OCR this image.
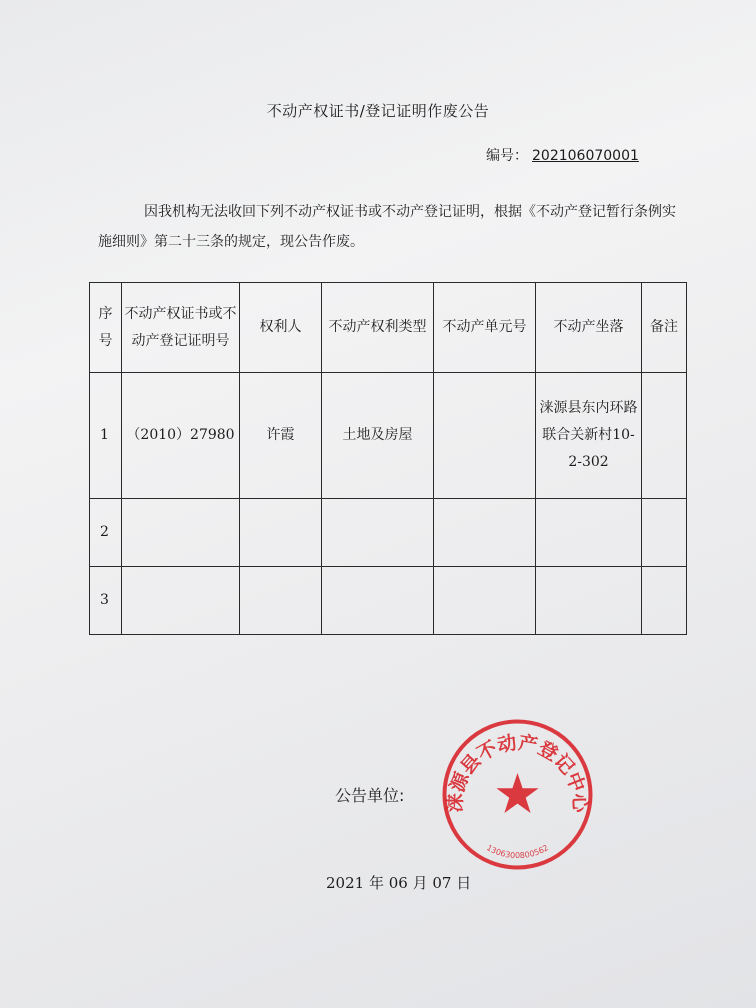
不动产权证书/登记证明作废公告
编号： 202106070001
因我机构无法收回下列不动产权证书或不动产登记证明，根据《不动产登记暂行条例实施细则》第二十三条的规定，现公告作废。
序号	不动产权证书或不动产登记证明号	权利人	不动产权利类型	不动产单元号	不动产坐落	备注
1	（2010）27980	许霞	土地及房屋		涞源县东内环路联合关新村10-2-302	
2						
3						
公告单位: 涞源县不动产登记中心
1306300800562
2021 年 06 月 07 日
